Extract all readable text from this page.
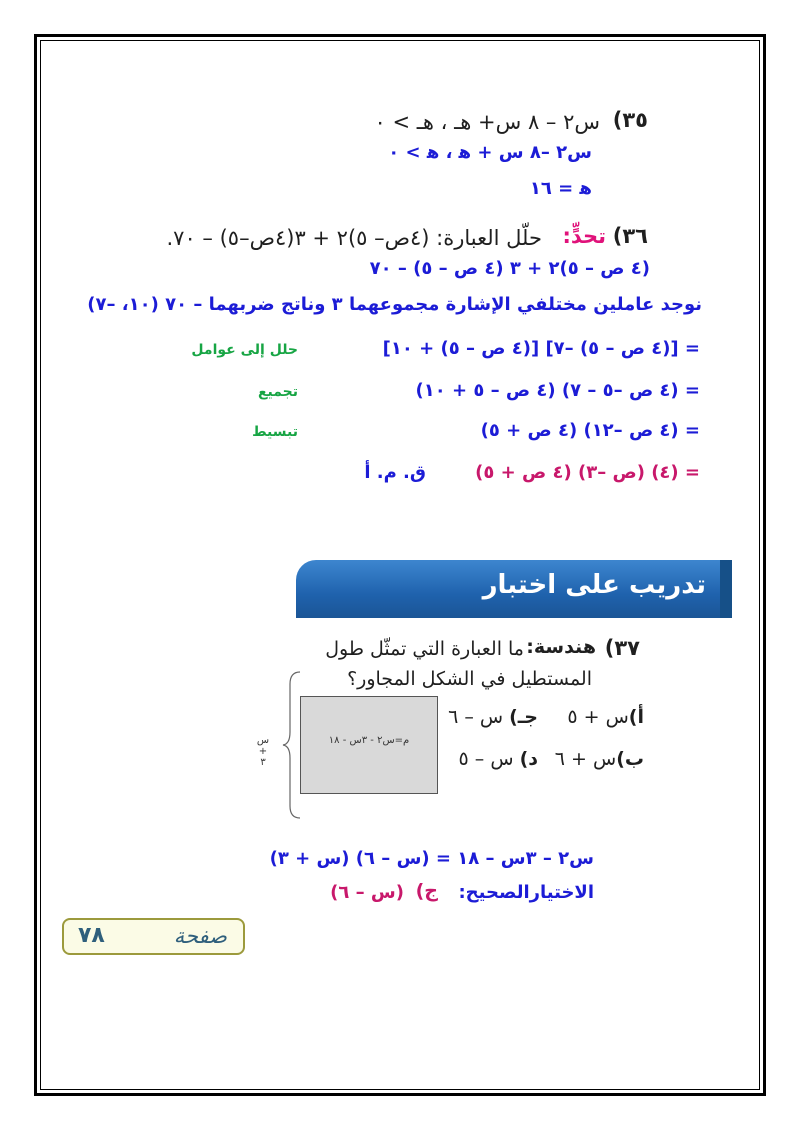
٣٥)
س٢ – ٨ س+ هـ ، هـ > ٠
س٢ –٨ س + ﻫ ، ﻫ > ٠
ﻫ = ١٦
٣٦)
تحدٍّ:
حلّل العبارة: (٤ص– ٥)٢ + ٣(٤ص–٥) – ٧٠.
(٤ ص – ٥)٢ + ٣ (٤ ص – ٥) – ٧٠
نوجد عاملين مختلفي الإشارة مجموعهما ٣ وناتج ضربهما – ٧٠ (١٠، –٧)
= [(٤ ص – ٥) –٧] [(٤ ص – ٥) + ١٠]
حلل إلى عوامل
= (٤ ص –٥ – ٧) (٤ ص – ٥ + ١٠)
تجميع
= (٤ ص –١٢) (٤ ص + ٥)
تبسيط
= (٤) (ص –٣) (٤ ص + ٥)
ق. م. أ
تدريب على اختبار
٣٧)
هندسة:
ما العبارة التي تمثّل طول
المستطيل في الشكل المجاور؟
أ)س + ٥
جـ) س – ٦
ب)س + ٦
د) س – ٥
س + ٣
م=س٢ - ٣س - ١٨
س٢ – ٣س – ١٨ = (س – ٦) (س + ٣)
الاختيارالصحيح:
ج)
(س – ٦)
صفحة
٧٨
